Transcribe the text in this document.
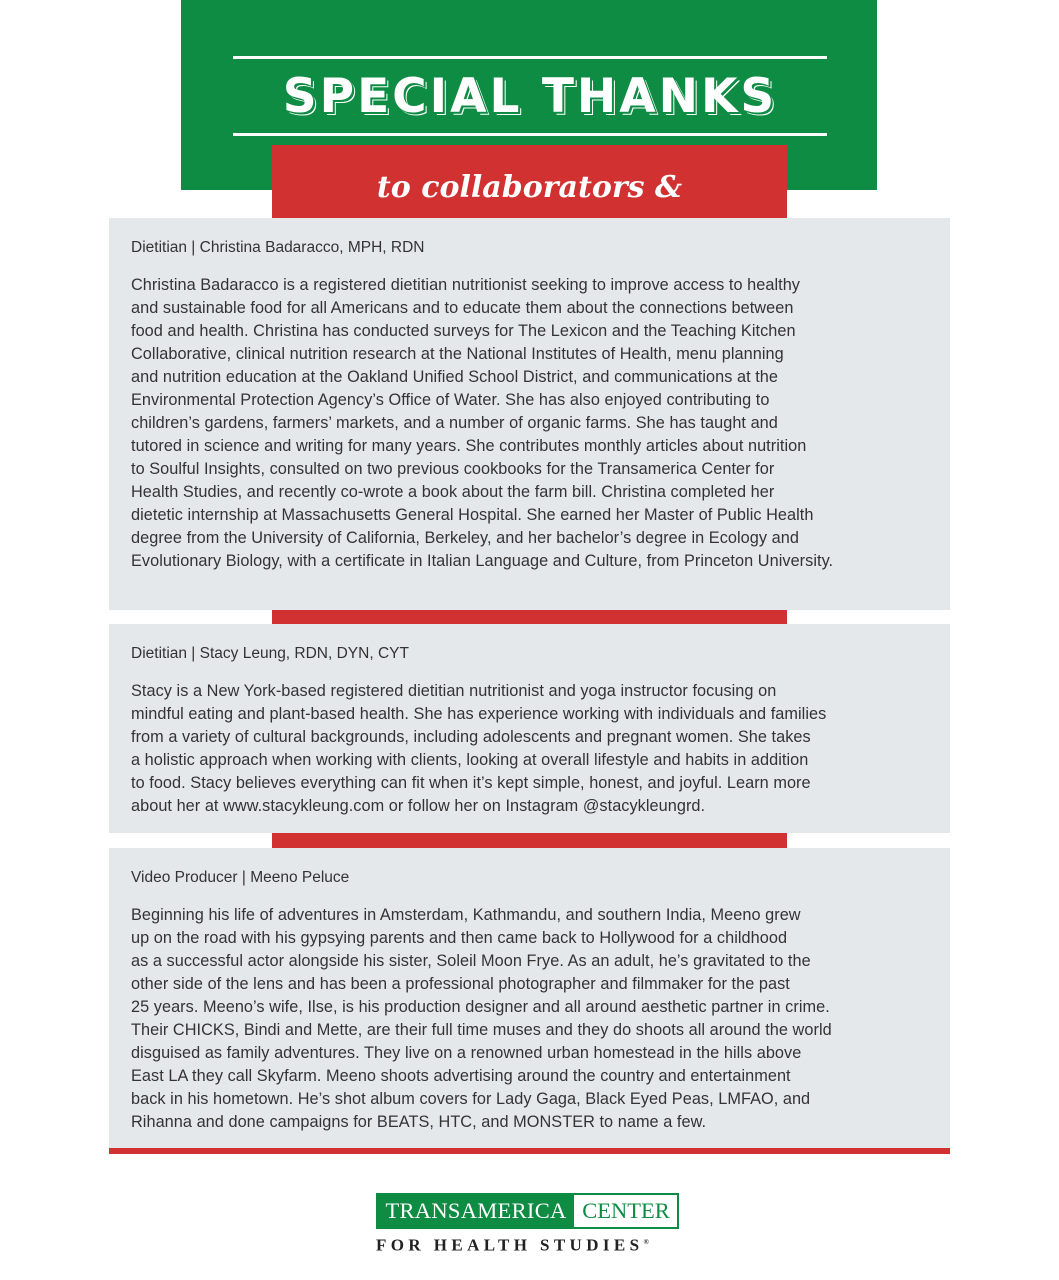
SPECIAL THANKS
to collaborators &
Dietitian | Christina Badaracco, MPH, RDN
Christina Badaracco is a registered dietitian nutritionist seeking to improve access to healthy
and sustainable food for all Americans and to educate them about the connections between
food and health. Christina has conducted surveys for The Lexicon and the Teaching Kitchen
Collaborative, clinical nutrition research at the National Institutes of Health, menu planning
and nutrition education at the Oakland Unified School District, and communications at the
Environmental Protection Agency’s Office of Water. She has also enjoyed contributing to
children’s gardens, farmers’ markets, and a number of organic farms. She has taught and
tutored in science and writing for many years. She contributes monthly articles about nutrition
to Soulful Insights, consulted on two previous cookbooks for the Transamerica Center for
Health Studies, and recently co-wrote a book about the farm bill. Christina completed her
dietetic internship at Massachusetts General Hospital. She earned her Master of Public Health
degree from the University of California, Berkeley, and her bachelor’s degree in Ecology and
Evolutionary Biology, with a certificate in Italian Language and Culture, from Princeton University.
Dietitian | Stacy Leung, RDN, DYN, CYT
Stacy is a New York-based registered dietitian nutritionist and yoga instructor focusing on
mindful eating and plant-based health. She has experience working with individuals and families
from a variety of cultural backgrounds, including adolescents and pregnant women. She takes
a holistic approach when working with clients, looking at overall lifestyle and habits in addition
to food. Stacy believes everything can fit when it’s kept simple, honest, and joyful. Learn more
about her at www.stacykleung.com or follow her on Instagram @stacykleungrd.
Video Producer | Meeno Peluce
Beginning his life of adventures in Amsterdam, Kathmandu, and southern India, Meeno grew
up on the road with his gypsying parents and then came back to Hollywood for a childhood
as a successful actor alongside his sister, Soleil Moon Frye. As an adult, he’s gravitated to the
other side of the lens and has been a professional photographer and filmmaker for the past
25 years. Meeno’s wife, Ilse, is his production designer and all around aesthetic partner in crime.
Their CHICKS, Bindi and Mette, are their full time muses and they do shoots all around the world
disguised as family adventures. They live on a renowned urban homestead in the hills above
East LA they call Skyfarm. Meeno shoots advertising around the country and entertainment
back in his hometown. He’s shot album covers for Lady Gaga, Black Eyed Peas, LMFAO, and
Rihanna and done campaigns for BEATS, HTC, and MONSTER to name a few.
TRANSAMERICA CENTER
FOR HEALTH STUDIES®
